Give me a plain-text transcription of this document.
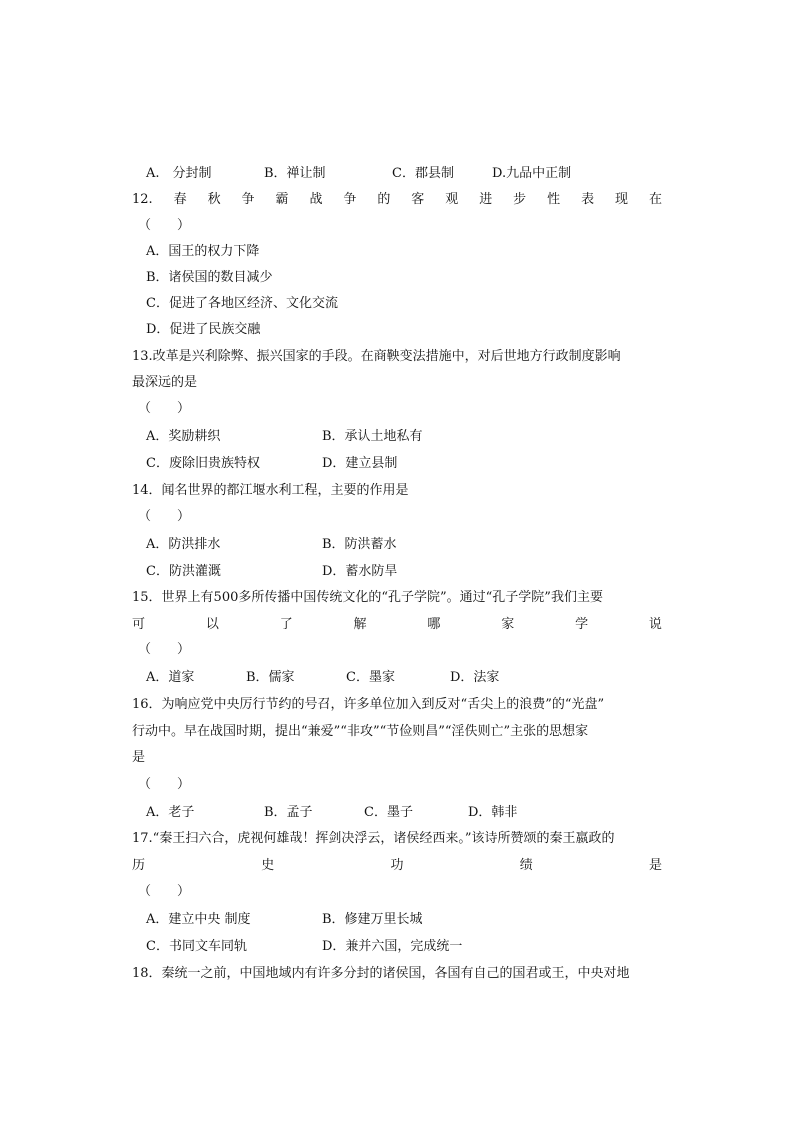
A.　分封制	B．禅让制	C．郡县制	D.九品中正制
12. 春 秋 争 霸 战 争 的 客 观 进 步 性 表 现 在
（　　）
A．国王的权力下降
B．诸侯国的数目减少
C．促进了各地区经济、文化交流
D．促进了民族交融
13.改革是兴利除弊、振兴国家的手段。在商鞅变法措施中，对后世地方行政制度影响
最深远的是
（　　）
A．奖励耕织	B．承认土地私有
C．废除旧贵族特权	D．建立县制
14．闻名世界的都江堰水利工程，主要的作用是
（　　）
A．防洪排水	B．防洪蓄水
C．防洪灌溉	D．蓄水防旱
15．世界上有500多所传播中国传统文化的“孔子学院”。通过“孔子学院”我们主要
可	以	了	解	哪	家	学	说
（　　）
A．道家	B．儒家	C．墨家	D．法家
16．为响应党中央厉行节约的号召，许多单位加入到反对“舌尖上的浪费”的“光盘”
行动中。早在战国时期，提出“兼爱”“非攻”“节俭则昌”“淫佚则亡”主张的思想家
是
（　　）
A．老子	B．孟子	C．墨子	D．韩非
17.“秦王扫六合，虎视何雄哉！挥剑决浮云，诸侯经西来。”该诗所赞颂的秦王嬴政的
历	史	功	绩	是
（　　）
A．建立中央 制度	B．修建万里长城
C．书同文车同轨	D．兼并六国，完成统一
18．秦统一之前，中国地域内有许多分封的诸侯国，各国有自己的国君或王，中央对地
